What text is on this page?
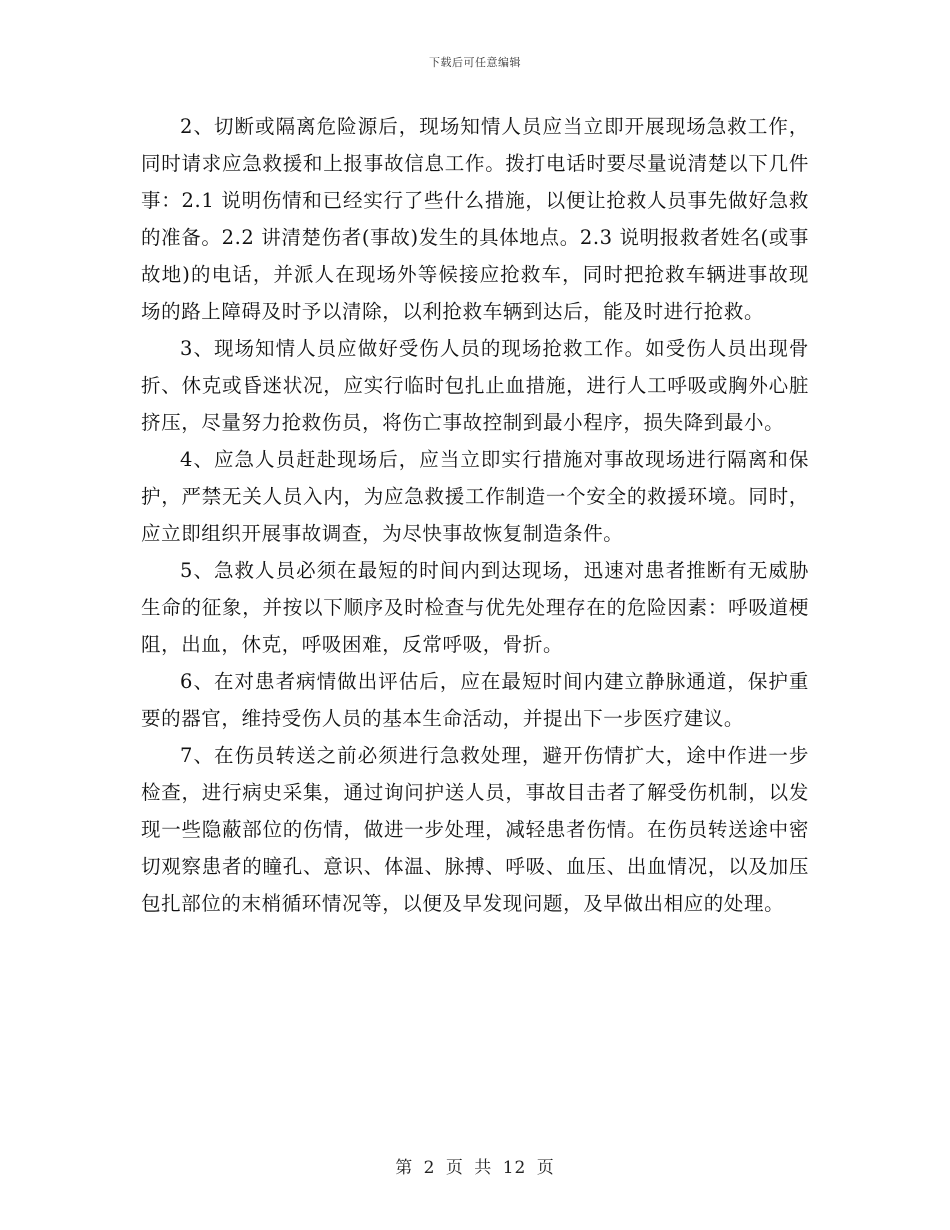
下载后可任意编辑

2、切断或隔离危险源后，现场知情人员应当立即开展现场急救工作，同时请求应急救援和上报事故信息工作。拨打电话时要尽量说清楚以下几件事：2.1 说明伤情和已经实行了些什么措施，以便让抢救人员事先做好急救的准备。2.2 讲清楚伤者(事故)发生的具体地点。2.3 说明报救者姓名(或事故地)的电话，并派人在现场外等候接应抢救车，同时把抢救车辆进事故现场的路上障碍及时予以清除，以利抢救车辆到达后，能及时进行抢救。

3、现场知情人员应做好受伤人员的现场抢救工作。如受伤人员出现骨折、休克或昏迷状况，应实行临时包扎止血措施，进行人工呼吸或胸外心脏挤压，尽量努力抢救伤员，将伤亡事故控制到最小程序，损失降到最小。

4、应急人员赶赴现场后，应当立即实行措施对事故现场进行隔离和保护，严禁无关人员入内，为应急救援工作制造一个安全的救援环境。同时，应立即组织开展事故调查，为尽快事故恢复制造条件。

5、急救人员必须在最短的时间内到达现场，迅速对患者推断有无威胁生命的征象，并按以下顺序及时检查与优先处理存在的危险因素：呼吸道梗阻，出血，休克，呼吸困难，反常呼吸，骨折。

6、在对患者病情做出评估后，应在最短时间内建立静脉通道，保护重要的器官，维持受伤人员的基本生命活动，并提出下一步医疗建议。

7、在伤员转送之前必须进行急救处理，避开伤情扩大，途中作进一步检查，进行病史采集，通过询问护送人员，事故目击者了解受伤机制，以发现一些隐蔽部位的伤情，做进一步处理，减轻患者伤情。在伤员转送途中密切观察患者的瞳孔、意识、体温、脉搏、呼吸、血压、出血情况，以及加压包扎部位的末梢循环情况等，以便及早发现问题，及早做出相应的处理。

第 2 页 共 12 页
